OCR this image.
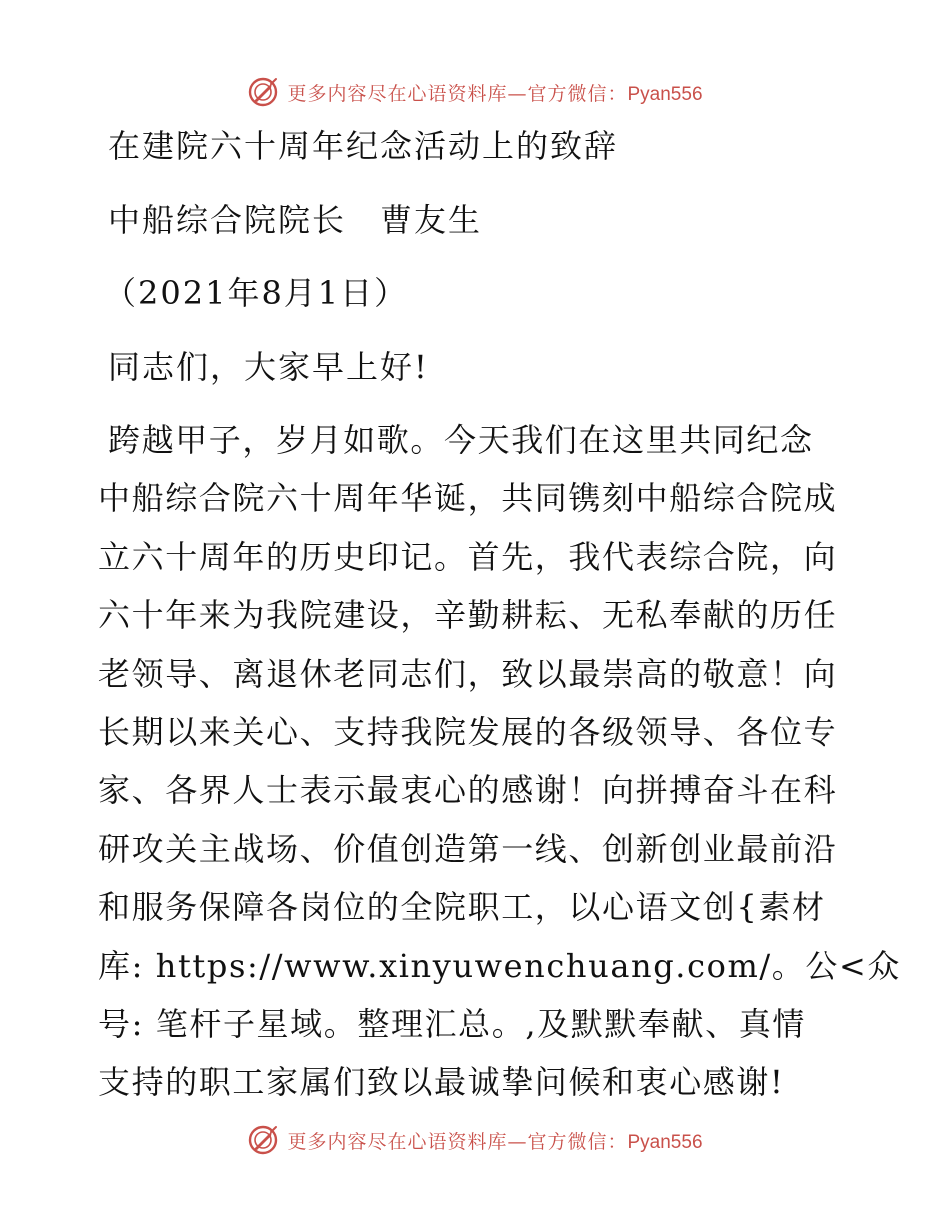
更多内容尽在心语资料库—官方微信：Pyan556
在建院六十周年纪念活动上的致辞
中船综合院院长　曹友生
（2021年8月1日）
同志们，大家早上好!
跨越甲子，岁月如歌。今天我们在这里共同纪念
中船综合院六十周年华诞，共同镌刻中船综合院成
立六十周年的历史印记。首先，我代表综合院，向
六十年来为我院建设，辛勤耕耘、无私奉献的历任
老领导、离退休老同志们，致以最崇高的敬意！向
长期以来关心、支持我院发展的各级领导、各位专
家、各界人士表示最衷心的感谢！向拼搏奋斗在科
研攻关主战场、价值创造第一线、创新创业最前沿
和服务保障各岗位的全院职工，以心语文创{素材
库: https://www.xinyuwenchuang.com/。公<众
号: 笔杆子星域。整理汇总。,及默默奉献、真情
支持的职工家属们致以最诚挚问候和衷心感谢!
更多内容尽在心语资料库—官方微信：Pyan556
